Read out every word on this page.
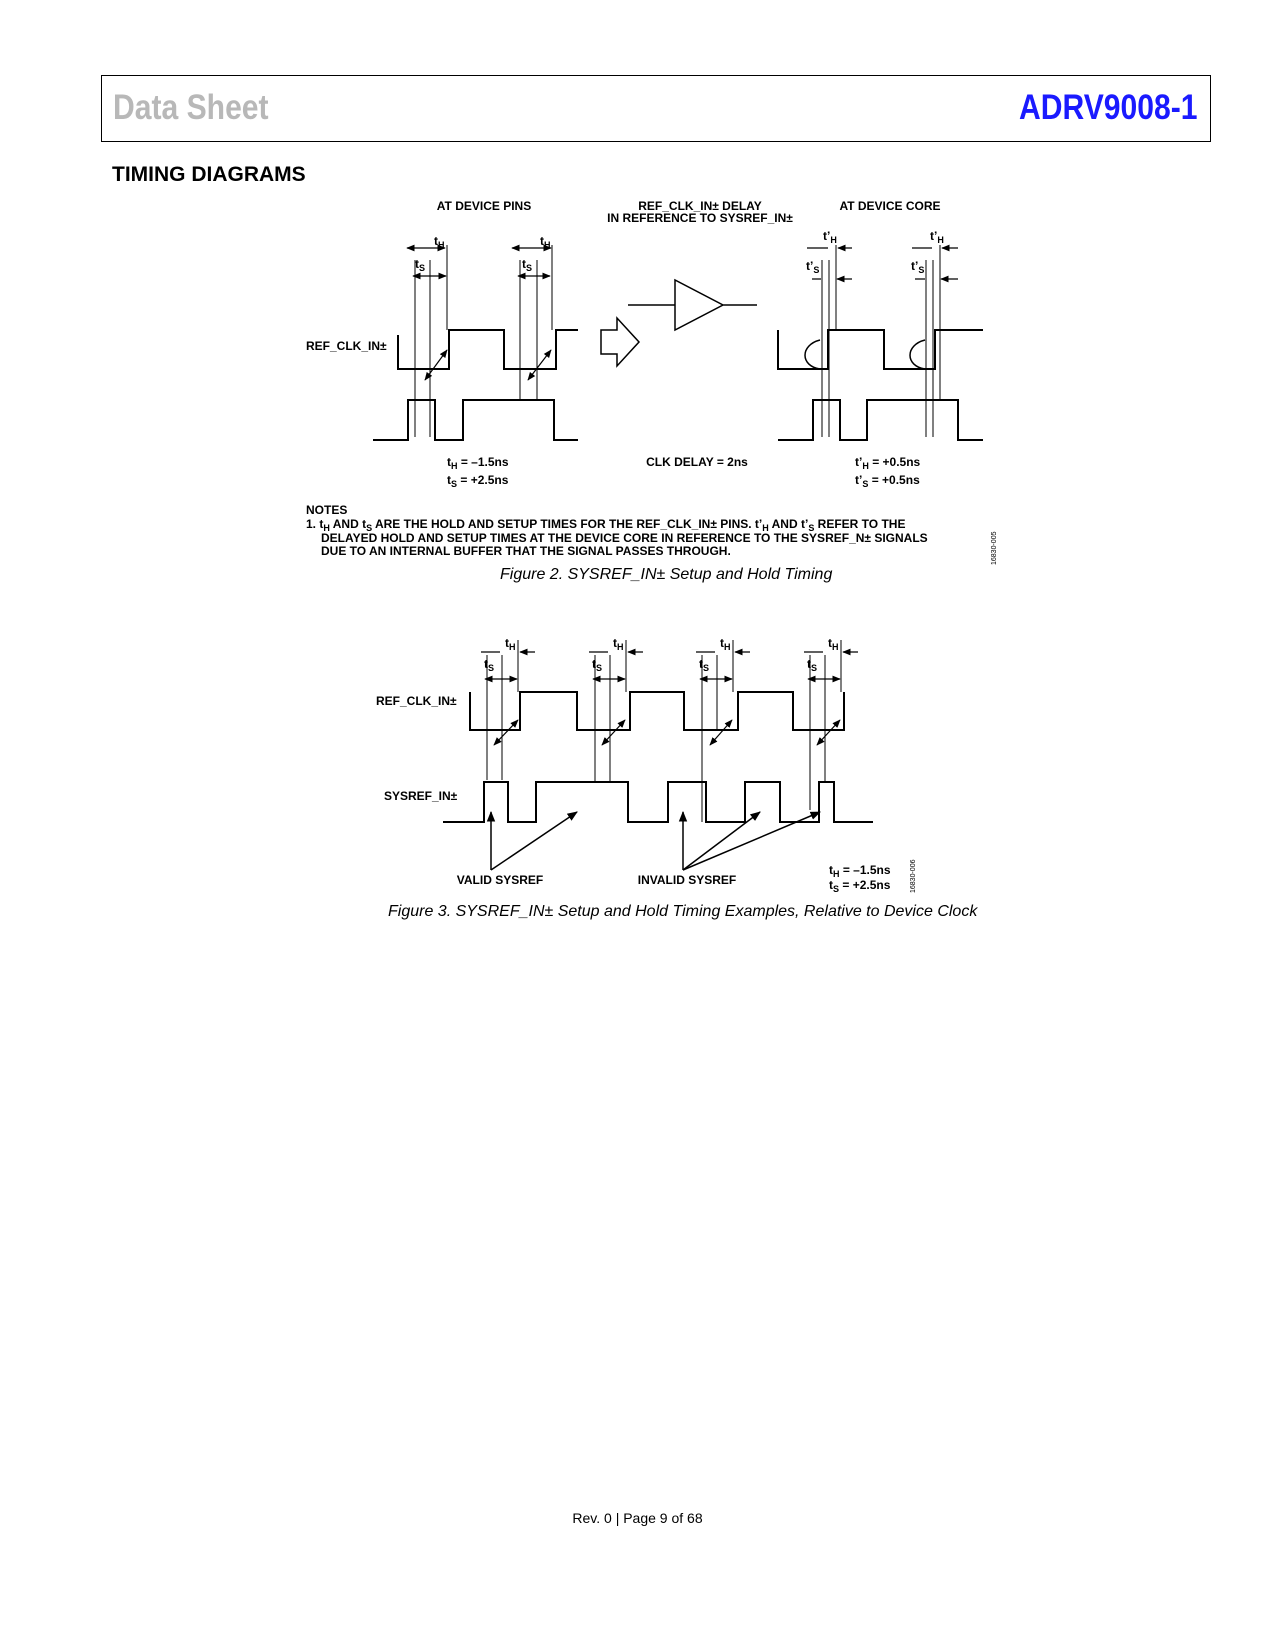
Data Sheet	ADRV9008-1
TIMING DIAGRAMS
AT DEVICE PINS	REF_CLK_IN± DELAY
IN REFERENCE TO SYSREF_IN±
AT DEVICE CORE
REF_CLK_IN±
$t_H$
$t_S$
$t_H$
$t_S$
$t’_H$
$t’_S$
$t’_H$
$t’_S$
$t_H = -1.5ns$
$t_S = +2.5ns$
CLK DELAY = 2ns	$t’_H = +0.5ns$
$t’_S = +0.5ns$
NOTES
1. $t_H$ AND $t_S$ ARE THE HOLD AND SETUP TIMES FOR THE REF_CLK_IN± PINS. $t’_H$ AND $t’_S$ REFER TO THE
DELAYED HOLD AND SETUP TIMES AT THE DEVICE CORE IN REFERENCE TO THE SYSREF_N± SIGNALS
DUE TO AN INTERNAL BUFFER THAT THE SIGNAL PASSES THROUGH.	16830-005
REF_CLK_IN±
SYSREF_IN±
$t_H$
$t_S$
$t_H$
$t_S$
$t_H$
$t_S$
$t_H$
$t_S$
VALID SYSREF	INVALID SYSREF
$t_H = -1.5ns$
$t_S = +2.5ns$	16830-006
Figure 2. SYSREF_IN± Setup and Hold Timing
Figure 3. SYSREF_IN± Setup and Hold Timing Examples, Relative to Device Clock
Rev. 0 | Page 9 of 68
